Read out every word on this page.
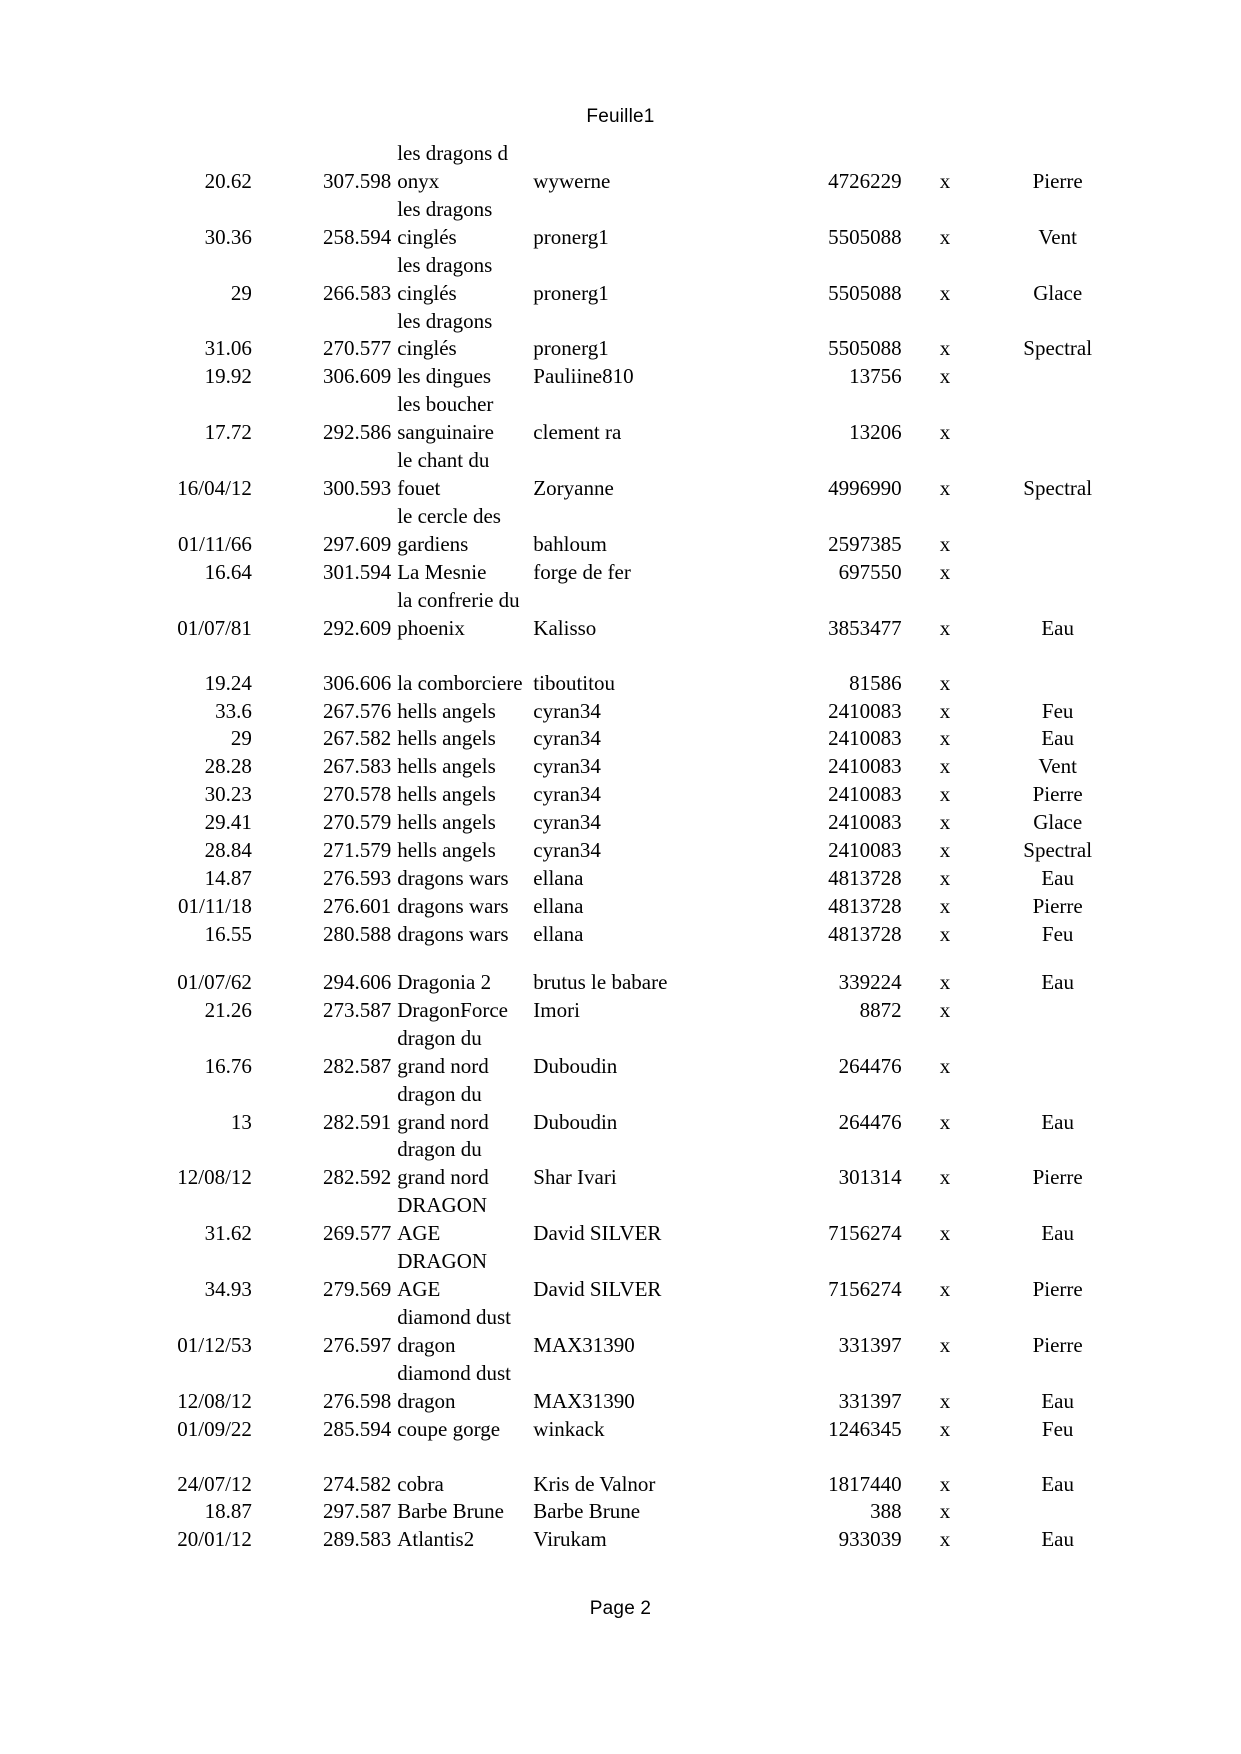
Feuille1
20.62	307.598	les dragons d onyx	wywerne	4726229	x	Pierre
30.36	258.594	les dragons cinglés	pronerg1	5505088	x	Vent
29	266.583	les dragons cinglés	pronerg1	5505088	x	Glace
31.06	270.577	les dragons cinglés	pronerg1	5505088	x	Spectral
19.92	306.609	les dingues	Pauliine810	13756	x	
17.72	292.586	les boucher sanguinaire	clement ra	13206	x	
16/04/12	300.593	le chant du fouet	Zoryanne	4996990	x	Spectral
01/11/66	297.609	le cercle des gardiens	bahloum	2597385	x	
16.64	301.594	La Mesnie	forge de fer	697550	x	
01/07/81	292.609	la confrerie du phoenix	Kalisso	3853477	x	Eau

19.24	306.606	la comborciere	tiboutitou	81586	x	
33.6	267.576	hells angels	cyran34	2410083	x	Feu
29	267.582	hells angels	cyran34	2410083	x	Eau
28.28	267.583	hells angels	cyran34	2410083	x	Vent
30.23	270.578	hells angels	cyran34	2410083	x	Pierre
29.41	270.579	hells angels	cyran34	2410083	x	Glace
28.84	271.579	hells angels	cyran34	2410083	x	Spectral
14.87	276.593	dragons wars	ellana	4813728	x	Eau
01/11/18	276.601	dragons wars	ellana	4813728	x	Pierre
16.55	280.588	dragons wars	ellana	4813728	x	Feu
01/07/62	294.606	Dragonia 2	brutus le babare	339224	x	Eau
21.26	273.587	DragonForce	Imori	8872	x	
16.76	282.587	dragon du grand nord	Duboudin	264476	x	
13	282.591	dragon du grand nord	Duboudin	264476	x	Eau
12/08/12	282.592	dragon du grand nord	Shar Ivari	301314	x	Pierre
31.62	269.577	DRAGON AGE	David SILVER	7156274	x	Eau
34.93	279.569	DRAGON AGE	David SILVER	7156274	x	Pierre
01/12/53	276.597	diamond dust dragon	MAX31390	331397	x	Pierre
12/08/12	276.598	diamond dust dragon	MAX31390	331397	x	Eau
01/09/22	285.594	coupe gorge	winkack	1246345	x	Feu

24/07/12	274.582	cobra	Kris de Valnor	1817440	x	Eau
18.87	297.587	Barbe Brune	Barbe Brune	388	x	
20/01/12	289.583	Atlantis2	Virukam	933039	x	Eau
Page 2
